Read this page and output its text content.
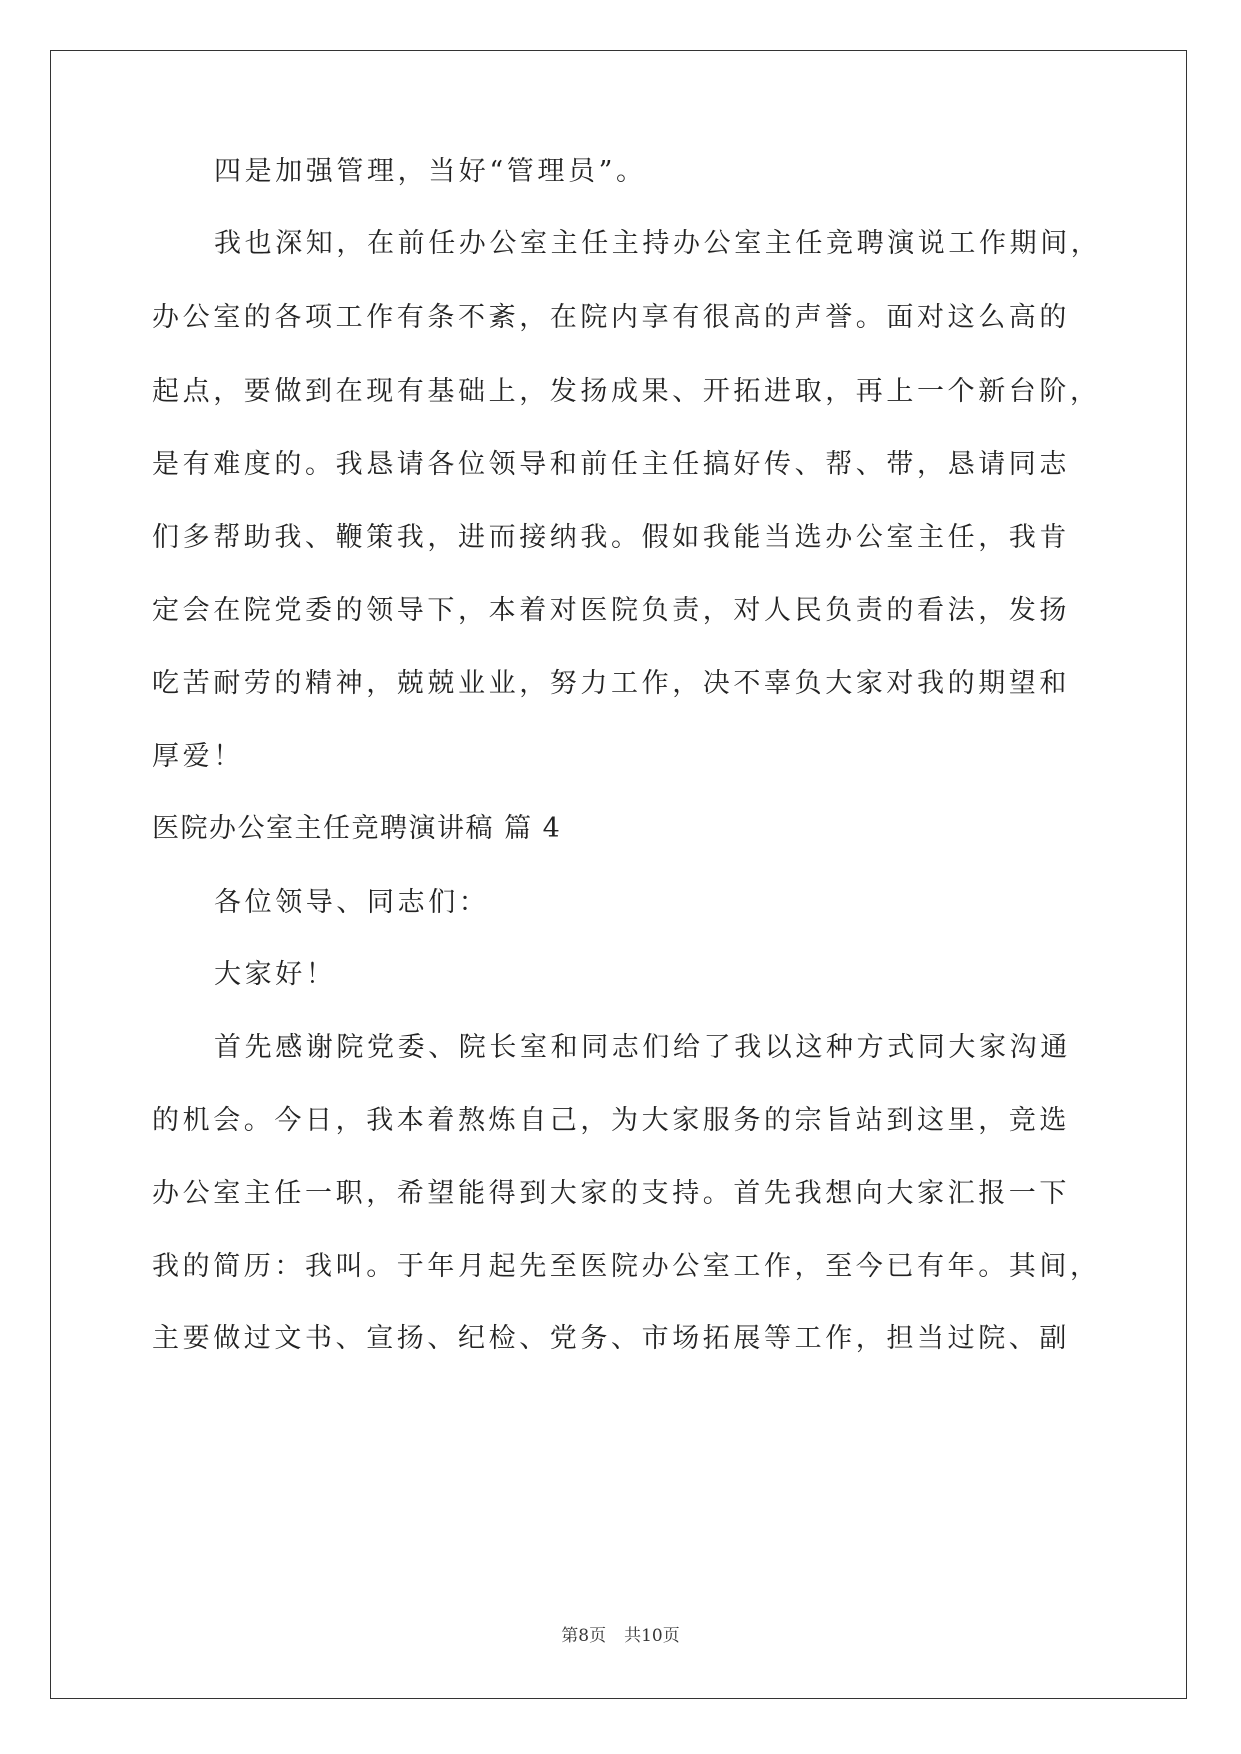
四是加强管理，当好“管理员”。
我也深知，在前任办公室主任主持办公室主任竞聘演说工作期间，
办公室的各项工作有条不紊，在院内享有很高的声誉。面对这么高的
起点，要做到在现有基础上，发扬成果、开拓进取，再上一个新台阶，
是有难度的。我恳请各位领导和前任主任搞好传、帮、带，恳请同志
们多帮助我、鞭策我，进而接纳我。假如我能当选办公室主任，我肯
定会在院党委的领导下，本着对医院负责，对人民负责的看法，发扬
吃苦耐劳的精神，兢兢业业，努力工作，决不辜负大家对我的期望和
厚爱！
医院办公室主任竞聘演讲稿 篇 4
各位领导、同志们：
大家好！
首先感谢院党委、院长室和同志们给了我以这种方式同大家沟通
的机会。今日，我本着熬炼自己，为大家服务的宗旨站到这里，竞选
办公室主任一职，希望能得到大家的支持。首先我想向大家汇报一下
我的简历：我叫。于年月起先至医院办公室工作，至今已有年。其间，
主要做过文书、宣扬、纪检、党务、市场拓展等工作，担当过院、副
第8页 共10页
